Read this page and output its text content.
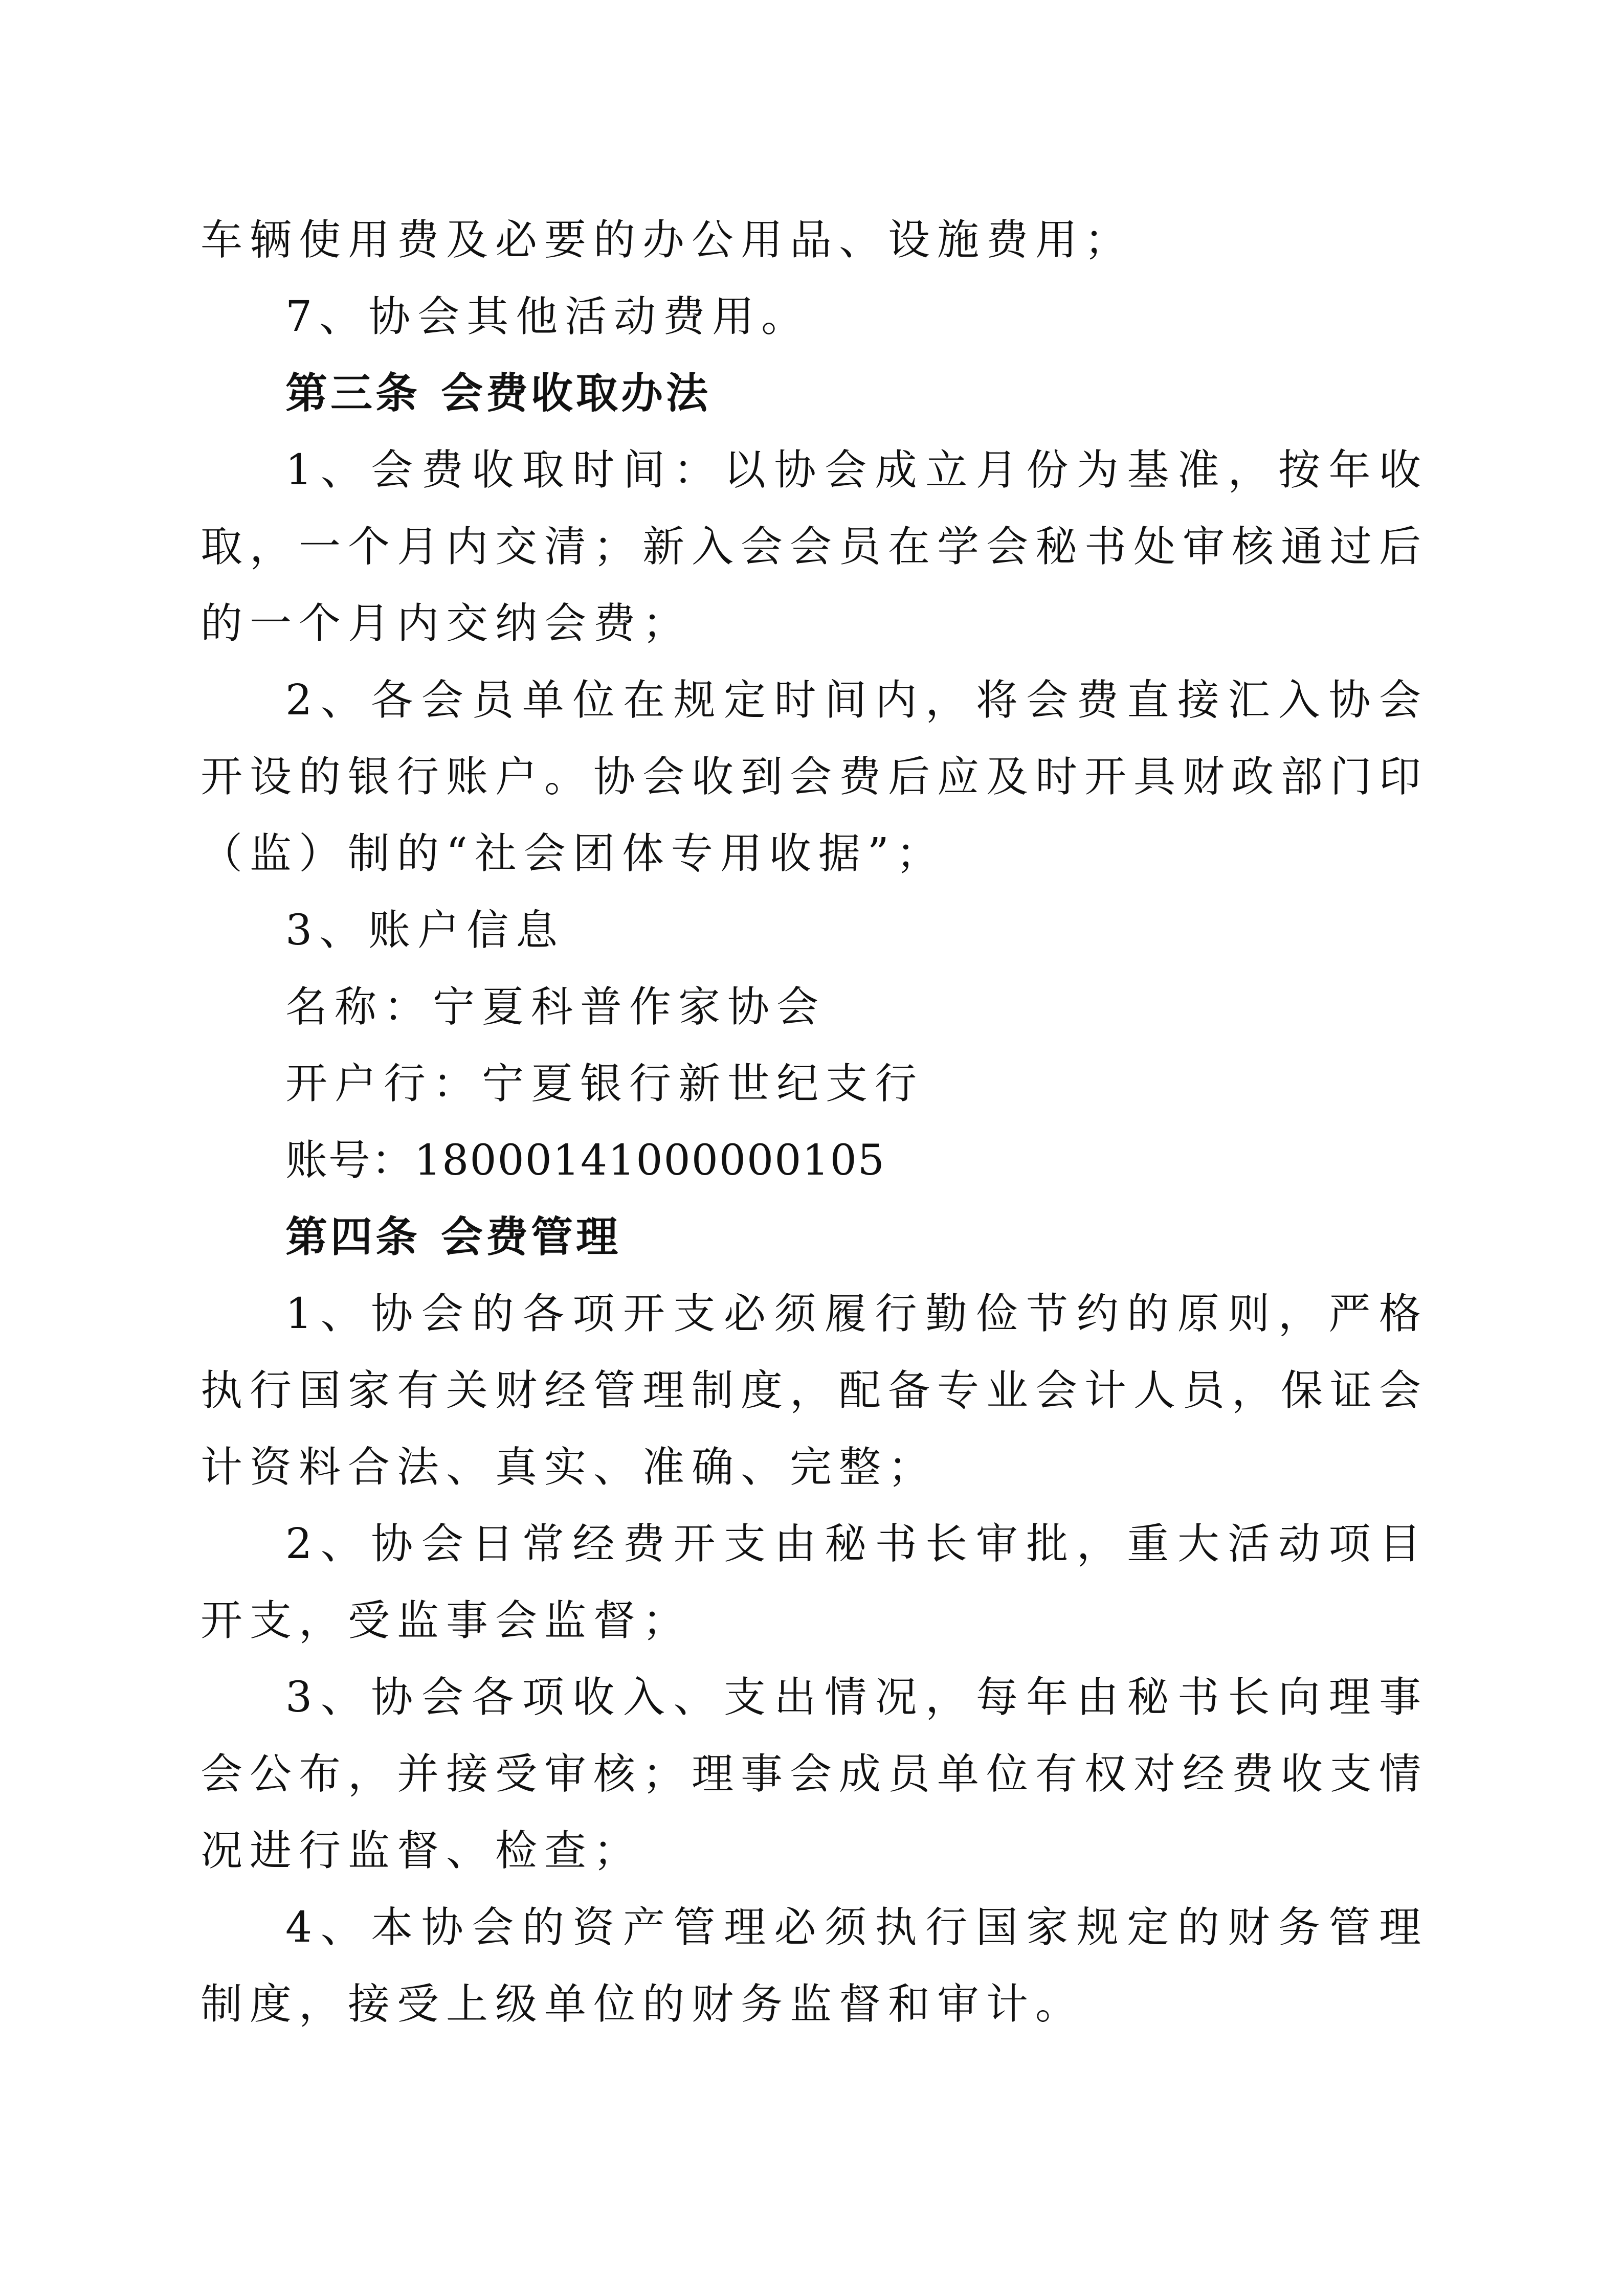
车辆使用费及必要的办公用品、设施费用；

7、协会其他活动费用。

第三条 会费收取办法

1、会费收取时间：以协会成立月份为基准，按年收取，一个月内交清；新入会会员在学会秘书处审核通过后的一个月内交纳会费；

2、各会员单位在规定时间内，将会费直接汇入协会开设的银行账户。协会收到会费后应及时开具财政部门印（监）制的“社会团体专用收据”；

3、账户信息

名称：宁夏科普作家协会

开户行：宁夏银行新世纪支行

账号：18000141000000105

第四条 会费管理

1、协会的各项开支必须履行勤俭节约的原则，严格执行国家有关财经管理制度，配备专业会计人员，保证会计资料合法、真实、准确、完整；

2、协会日常经费开支由秘书长审批，重大活动项目开支，受监事会监督；

3、协会各项收入、支出情况，每年由秘书长向理事会公布，并接受审核；理事会成员单位有权对经费收支情况进行监督、检查；

4、本协会的资产管理必须执行国家规定的财务管理制度，接受上级单位的财务监督和审计。
